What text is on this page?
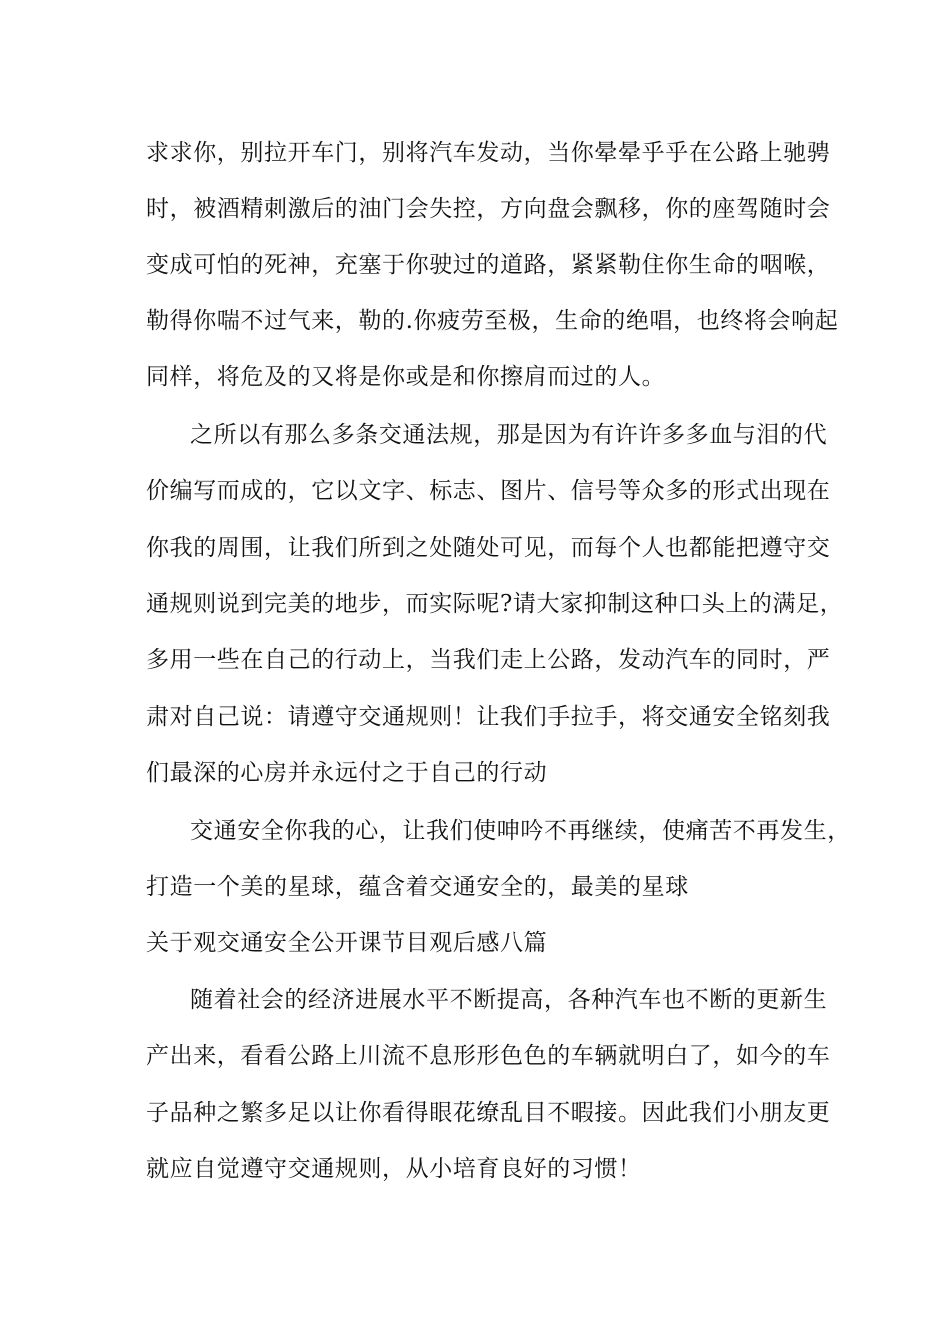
求求你，别拉开车门，别将汽车发动，当你晕晕乎乎在公路上驰骋

时，被酒精刺激后的油门会失控，方向盘会飘移，你的座驾随时会

变成可怕的死神，充塞于你驶过的道路，紧紧勒住你生命的咽喉，

勒得你喘不过气来，勒的.你疲劳至极，生命的绝唱，也终将会响起

同样，将危及的又将是你或是和你擦肩而过的人。

之所以有那么多条交通法规，那是因为有许许多多血与泪的代

价编写而成的，它以文字、标志、图片、信号等众多的形式出现在

你我的周围，让我们所到之处随处可见，而每个人也都能把遵守交

通规则说到完美的地步，而实际呢?请大家抑制这种口头上的满足，

多用一些在自己的行动上，当我们走上公路，发动汽车的同时，严

肃对自己说：请遵守交通规则！让我们手拉手，将交通安全铭刻我

们最深的心房并永远付之于自己的行动

交通安全你我的心，让我们使呻吟不再继续，使痛苦不再发生，

打造一个美的星球，蕴含着交通安全的，最美的星球

关于观交通安全公开课节目观后感八篇

随着社会的经济进展水平不断提高，各种汽车也不断的更新生

产出来，看看公路上川流不息形形色色的车辆就明白了，如今的车

子品种之繁多足以让你看得眼花缭乱目不暇接。因此我们小朋友更

就应自觉遵守交通规则，从小培育良好的习惯！
